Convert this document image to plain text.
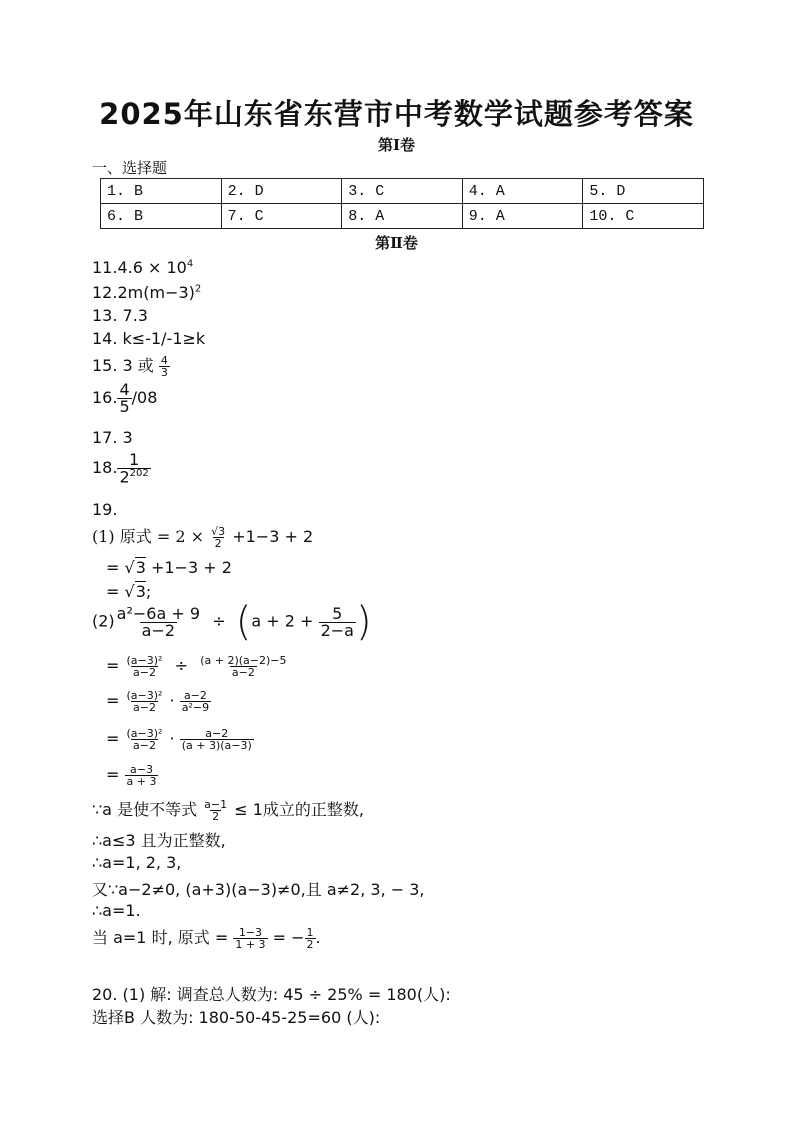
2025年山东省东营市中考数学试题参考答案
第Ⅰ卷
一、选择题
1. B	2. D	3. C	4. A	5. D
6. B	7. C	8. A	9. A	10. C
第Ⅱ卷
$11.4.6 \times 10^4$
$12.2m(m-3)^2$
13. 7.3
14. k≤-1/-1≥k
15. 3 或 $\frac{4}{3}$
16. $\frac{4}{5} /08$
17. 3
18. $\frac{1}{2^{202}}$
19.
(1) 原式 = $2 \times \frac{√3}{2} +1-3 + 2$
= √3 +1−3 + 2
= √3;
$(2) \frac{\text{a²−6a + 9}}{a-2} \div (a + 2 + \frac{5}{2-a}$ )
= $\frac{\text{(a−3)²}}{a-2} \div \frac{(a + 2)(a-2)-5}{a-2}$
= $\frac{\text{(a−3)²}}{a-2} \cdot \frac{a-2}{\text{a²−9}}$
= $\frac{\text{(a−3)²}}{a-2} \cdot \frac{a-2}{(a + 3)(a-3)}$
= $\frac{a-3}{a + 3}$
∵a 是使不等式 $\frac{a-1}{2} \le 1$成立的正整数,
∴a≤3 且为正整数,
∴a=1, 2, 3,
又∵a−2≠0, (a+3)(a−3)≠0,且 a≠2, 3, − 3,
∴a=1.
当 a=1 时, 原式 = $\frac{1-3}{1 + 3}$ = − $\frac{1}{2}$ .
20. (1) 解: 调查总人数为: 45 ÷ 25% = 180(人):
选择B 人数为: 180-50-45-25=60 (人):
